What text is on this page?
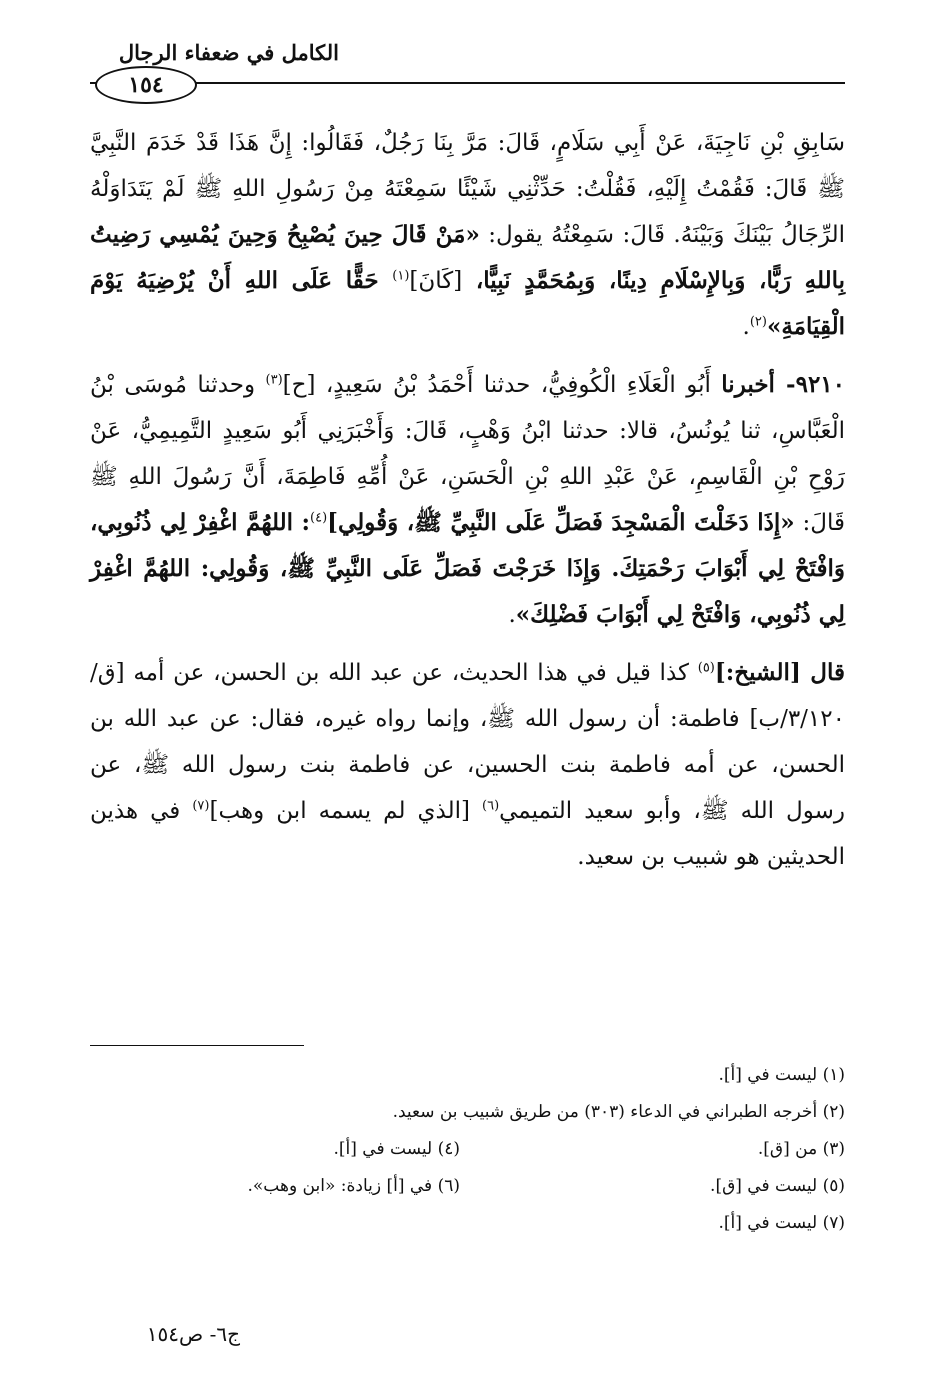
الكامل في ضعفاء الرجال
١٥٤

سَابِقِ بْنِ نَاجِيَةَ، عَنْ أَبِي سَلَامٍ، قَالَ: مَرَّ بِنَا رَجُلٌ، فَقَالُوا: إِنَّ هَذَا قَدْ خَدَمَ النَّبِيَّ ﷺ قَالَ: فَقُمْتُ إِلَيْهِ، فَقُلْتُ: حَدِّثْنِي شَيْئًا سَمِعْتَهُ مِنْ رَسُولِ اللهِ ﷺ لَمْ يَتَدَاوَلْهُ الرِّجَالُ بَيْنَكَ وَبَيْنَهُ. قَالَ: سَمِعْتُهُ يقول: «مَنْ قَالَ حِينَ يُصْبِحُ وَحِينَ يُمْسِي رَضِيتُ بِاللهِ رَبًّا، وَبِالإِسْلَامِ دِينًا، وَبِمُحَمَّدٍ نَبِيًّا، [كَانَ]$^{(١)}$ حَقًّا عَلَى اللهِ أَنْ يُرْضِيَهُ يَوْمَ الْقِيَامَةِ»$^{(٢)}$.

٩٢١٠- أخبرنا أَبُو الْعَلَاءِ الْكُوفِيُّ، حدثنا أَحْمَدُ بْنُ سَعِيدٍ، [ح]$^{(٣)}$ وحدثنا مُوسَى بْنُ الْعَبَّاسِ، ثنا يُونُسُ، قالا: حدثنا ابْنُ وَهْبٍ، قَالَ: وَأَخْبَرَنِي أَبُو سَعِيدٍ التَّمِيمِيُّ، عَنْ رَوْحِ بْنِ الْقَاسِمِ، عَنْ عَبْدِ اللهِ بْنِ الْحَسَنِ، عَنْ أُمِّهِ فَاطِمَةَ، أَنَّ رَسُولَ اللهِ ﷺ قَالَ: «إِذَا دَخَلْتَ الْمَسْجِدَ فَصَلِّ عَلَى النَّبِيِّ ﷺ، وَقُولِي]$^{(٤)}$: اللهُمَّ اغْفِرْ لِي ذُنُوبِي، وَافْتَحْ لِي أَبْوَابَ رَحْمَتِكَ. وَإِذَا خَرَجْتَ فَصَلِّ عَلَى النَّبِيِّ ﷺ، وَقُولِي: اللهُمَّ اغْفِرْ لِي ذُنُوبِي، وَافْتَحْ لِي أَبْوَابَ فَضْلِكَ».

قال [الشيخ:]$^{(٥)}$ كذا قيل في هذا الحديث، عن عبد الله بن الحسن، عن أمه [ق/٣/١٢٠/ب] فاطمة: أن رسول الله ﷺ، وإنما رواه غيره، فقال: عن عبد الله بن الحسن، عن أمه فاطمة بنت الحسين، عن فاطمة بنت رسول الله ﷺ، عن رسول الله ﷺ، وأبو سعيد التميمي$^{(٦)}$ [الذي لم يسمه ابن وهب]$^{(٧)}$ في هذين الحديثين هو شبيب بن سعيد.

(١) ليست في [أ].
(٢) أخرجه الطبراني في الدعاء (٣٠٣) من طريق شبيب بن سعيد.
(٣) من [ق].
(٤) ليست في [أ].
(٥) ليست في [ق].
(٦) في [أ] زيادة: «ابن وهب».
(٧) ليست في [أ].
ج٦- ص١٥٤
